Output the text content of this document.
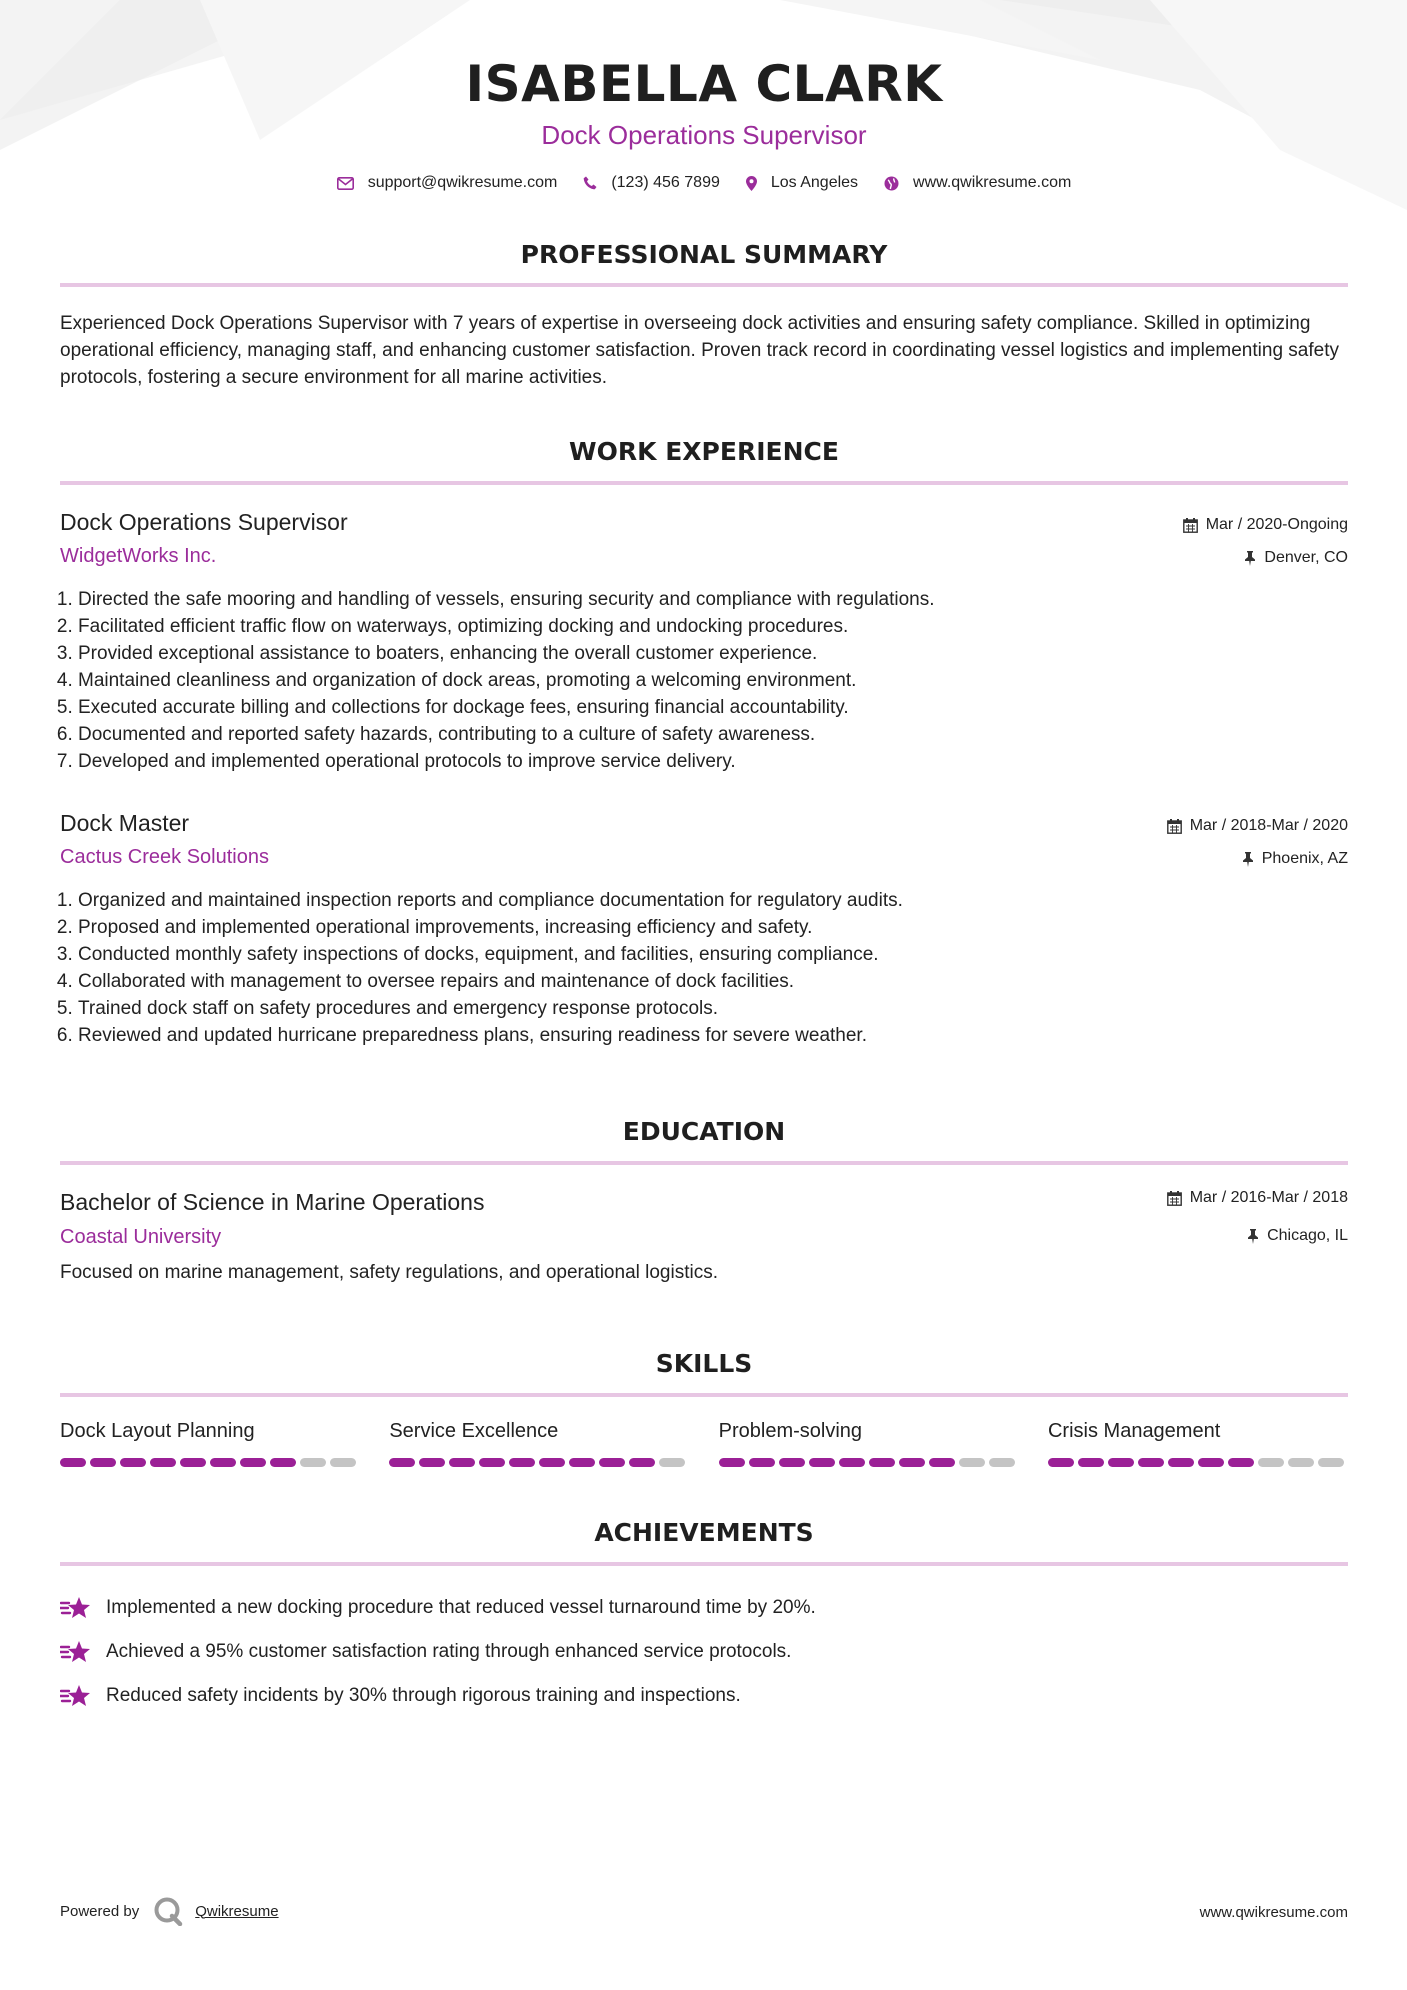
ISABELLA CLARK
Dock Operations Supervisor
support@qwikresume.com	(123) 456 7899	Los Angeles	www.qwikresume.com
PROFESSIONAL SUMMARY
Experienced Dock Operations Supervisor with 7 years of expertise in overseeing dock activities and ensuring safety compliance. Skilled in optimizing operational efficiency, managing staff, and enhancing customer satisfaction. Proven track record in coordinating vessel logistics and implementing safety protocols, fostering a secure environment for all marine activities.
WORK EXPERIENCE
Dock Operations Supervisor
WidgetWorks Inc.
Mar / 2020-Ongoing
Denver, CO
1. Directed the safe mooring and handling of vessels, ensuring security and compliance with regulations.
2. Facilitated efficient traffic flow on waterways, optimizing docking and undocking procedures.
3. Provided exceptional assistance to boaters, enhancing the overall customer experience.
4. Maintained cleanliness and organization of dock areas, promoting a welcoming environment.
5. Executed accurate billing and collections for dockage fees, ensuring financial accountability.
6. Documented and reported safety hazards, contributing to a culture of safety awareness.
7. Developed and implemented operational protocols to improve service delivery.
Dock Master
Cactus Creek Solutions
Mar / 2018-Mar / 2020
Phoenix, AZ
1. Organized and maintained inspection reports and compliance documentation for regulatory audits.
2. Proposed and implemented operational improvements, increasing efficiency and safety.
3. Conducted monthly safety inspections of docks, equipment, and facilities, ensuring compliance.
4. Collaborated with management to oversee repairs and maintenance of dock facilities.
5. Trained dock staff on safety procedures and emergency response protocols.
6. Reviewed and updated hurricane preparedness plans, ensuring readiness for severe weather.
EDUCATION
Bachelor of Science in Marine Operations
Coastal University
Mar / 2016-Mar / 2018
Chicago, IL
Focused on marine management, safety regulations, and operational logistics.
SKILLS
Dock Layout Planning	Service Excellence	Problem-solving	Crisis Management
ACHIEVEMENTS
Implemented a new docking procedure that reduced vessel turnaround time by 20%.
Achieved a 95% customer satisfaction rating through enhanced service protocols.
Reduced safety incidents by 30% through rigorous training and inspections.
Powered by	Qwikresume	www.qwikresume.com
